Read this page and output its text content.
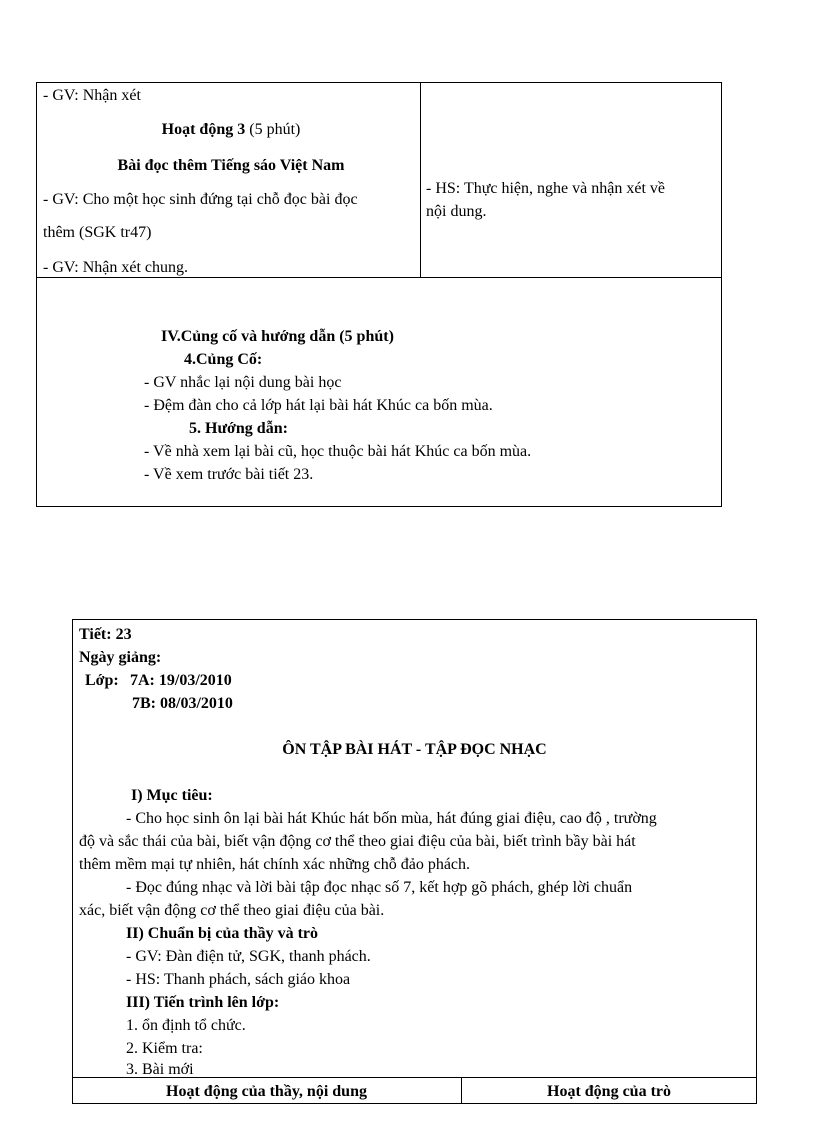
- GV: Nhận xét
Hoạt động 3 (5 phút)
Bài đọc thêm Tiếng sáo Việt Nam
- GV: Cho một học sinh đứng tại chỗ đọc bài đọc
thêm (SGK tr47)
- GV: Nhận xét chung.
- HS: Thực hiện, nghe và nhận xét về
nội dung.
IV.Củng cố và hướng dẫn (5 phút)
4.Củng Cố:
- GV nhắc lại nội dung bài học
- Đệm đàn cho cả lớp hát lại bài hát Khúc ca bốn mùa.
5. Hướng dẫn:
- Về nhà xem lại bài cũ, học thuộc bài hát Khúc ca bốn mùa.
- Về xem trước bài tiết 23.
Tiết: 23
Ngày giảng:
Lớp: 7A: 19/03/2010
7B: 08/03/2010
ÔN TẬP BÀI HÁT - TẬP ĐỌC NHẠC
I) Mục tiêu:
- Cho học sinh ôn lại bài hát Khúc hát bốn mùa, hát đúng giai điệu, cao độ , trường
độ và sắc thái của bài, biết vận động cơ thể theo giai điệu của bài, biết trình bầy bài hát
thêm mềm mại tự nhiên, hát chính xác những chỗ đảo phách.
- Đọc đúng nhạc và lời bài tập đọc nhạc số 7, kết hợp gõ phách, ghép lời chuẩn
xác, biết vận động cơ thể theo giai điệu của bài.
II) Chuẩn bị của thầy và trò
- GV: Đàn điện tử, SGK, thanh phách.
- HS: Thanh phách, sách giáo khoa
III) Tiến trình lên lớp:
1. ổn định tổ chức.
2. Kiểm tra:
3. Bài mới
Hoạt động của thầy, nội dung	Hoạt động của trò
